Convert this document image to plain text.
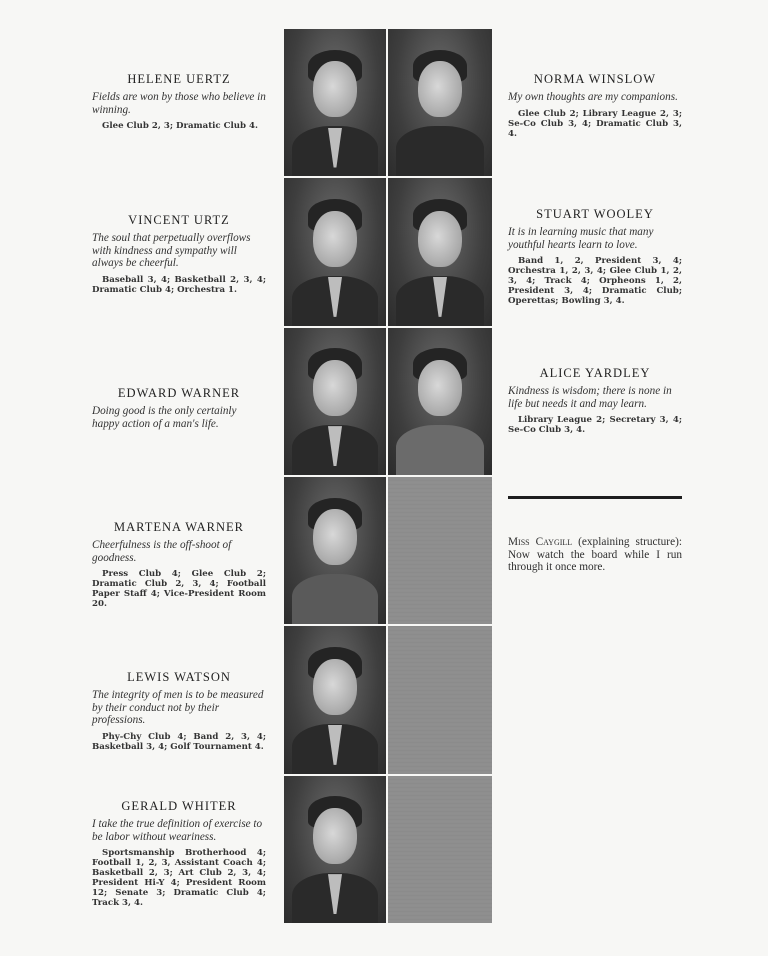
HELENE UERTZ

Fields are won by those who believe in winning.

Glee Club 2, 3; Dramatic Club 4.

VINCENT URTZ

The soul that perpetually overflows with kindness and sympathy will always be cheerful.

Baseball 3, 4; Basketball 2, 3, 4; Dramatic Club 4; Orchestra 1.

EDWARD WARNER

Doing good is the only certainly happy action of a man's life.

MARTENA WARNER

Cheerfulness is the off-shoot of goodness.

Press Club 4; Glee Club 2; Dramatic Club 2, 3, 4; Football Paper Staff 4; Vice-President Room 20.

LEWIS WATSON

The integrity of men is to be measured by their conduct not by their professions.

Phy-Chy Club 4; Band 2, 3, 4; Basketball 3, 4; Golf Tournament 4.

GERALD WHITER

I take the true definition of exercise to be labor without weariness.

Sportsmanship Brotherhood 4; Football 1, 2, 3, Assistant Coach 4; Basketball 2, 3; Art Club 2, 3, 4; President Hi-Y 4; President Room 12; Senate 3; Dramatic Club 4; Track 3, 4.

NORMA WINSLOW

My own thoughts are my companions.

Glee Club 2; Library League 2, 3; Se-Co Club 3, 4; Dramatic Club 3, 4.

STUART WOOLEY

It is in learning music that many youthful hearts learn to love.

Band 1, 2, President 3, 4; Orchestra 1, 2, 3, 4; Glee Club 1, 2, 3, 4; Track 4; Orpheons 1, 2, President 3, 4; Dramatic Club; Operettas; Bowling 3, 4.

ALICE YARDLEY

Kindness is wisdom; there is none in life but needs it and may learn.

Library League 2; Secretary 3, 4; Se-Co Club 3, 4.

Miss Caygill (explaining structure): Now watch the board while I run through it once more.
